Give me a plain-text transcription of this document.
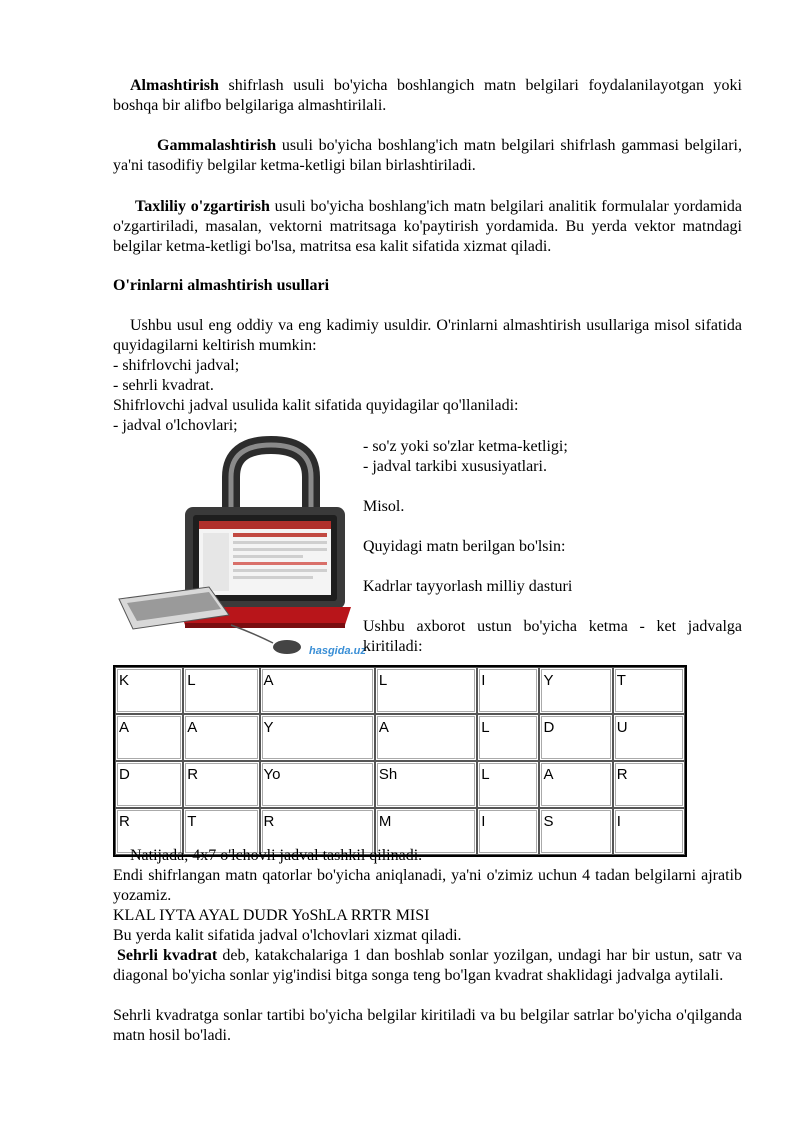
Almashtirish shifrlash usuli bo'yicha boshlangich matn belgilari foydalanilayotgan yoki boshqa bir alifbo belgilariga almashtirilali.

Gammalashtirish usuli bo'yicha boshlang'ich matn belgilari shifrlash gammasi belgilari, ya'ni tasodifiy belgilar ketma-ketligi bilan birlashtiriladi.

Taxliliy o'zgartirish usuli bo'yicha boshlang'ich matn belgilari analitik formulalar yordamida o'zgartiriladi, masalan, vektorni matritsaga ko'paytirish yordamida. Bu yerda vektor matndagi belgilar ketma-ketligi bo'lsa, matritsa esa kalit sifatida xizmat qiladi.

O'rinlarni almashtirish usullari

Ushbu usul eng oddiy va eng kadimiy usuldir. O'rinlarni almashtirish usullariga misol sifatida quyidagilarni keltirish mumkin:

- shifrlovchi jadval;

- sehrli kvadrat.

Shifrlovchi jadval usulida kalit sifatida quyidagilar qo'llaniladi:

- jadval o'lchovlari;

hasgida.uz

- so'z yoki so'zlar ketma-ketligi;

- jadval tarkibi xususiyatlari.

Misol.

Quyidagi matn berilgan bo'lsin:

Kadrlar tayyorlash milliy dasturi

Ushbu axborot ustun bo'yicha ketma - ket jadvalga kiritiladi:

K	L	A	L	I	Y	T
A	A	Y	A	L	D	U
D	R	Yo	Sh	L	A	R
R	T	R	M	I	S	I

Natijada, 4x7 o'lchovli jadval tashkil qilinadi.

Endi shifrlangan matn qatorlar bo'yicha aniqlanadi, ya'ni o'zimiz uchun 4 tadan belgilarni ajratib yozamiz.

KLAL IYTA AYAL DUDR YoShLA RRTR MISI

Bu yerda kalit sifatida jadval o'lchovlari xizmat qiladi.

Sehrli kvadrat deb, katakchalariga 1 dan boshlab sonlar yozilgan, undagi har bir ustun, satr va diagonal bo'yicha sonlar yig'indisi bitga songa teng bo'lgan kvadrat shaklidagi jadvalga aytilali.

Sehrli kvadratga sonlar tartibi bo'yicha belgilar kiritiladi va bu belgilar satrlar bo'yicha o'qilganda matn hosil bo'ladi.
